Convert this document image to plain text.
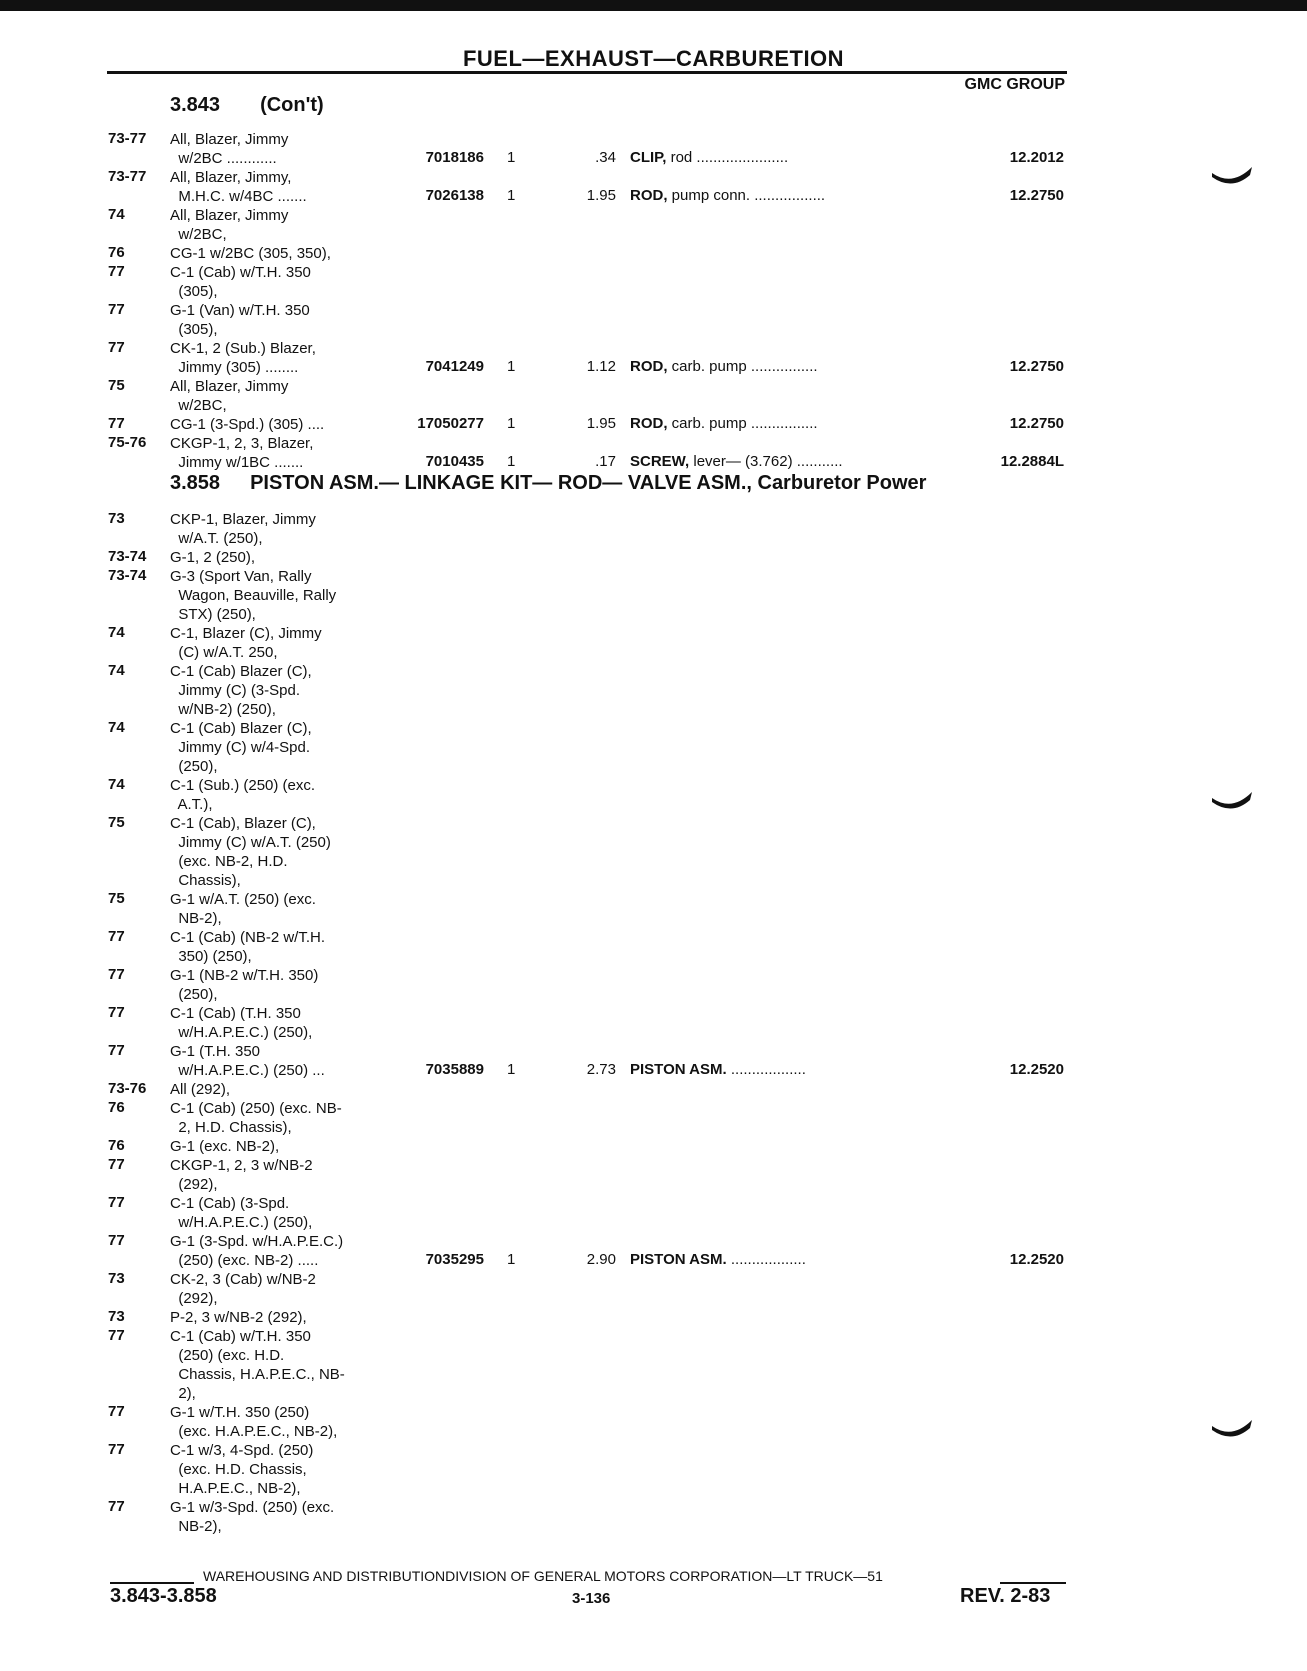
FUEL—EXHAUST—CARBURETION
GMC GROUP
3.843 (Con't)
3.858 PISTON ASM.— LINKAGE KIT— ROD— VALVE ASM., Carburetor Power
73-77 All, Blazer, Jimmy
w/2BC ............	7018186 1	.34 CLIP, rod ......................	12.2012
73-77 All, Blazer, Jimmy,
M.H.C. w/4BC .......	7026138 1	1.95 ROD, pump conn. .................	12.2750
74	All, Blazer, Jimmy
w/2BC,
76	CG-1 w/2BC (305, 350),
77	C-1 (Cab) w/T.H. 350
(305),
77	G-1 (Van) w/T.H. 350
(305),
77	CK-1, 2 (Sub.) Blazer,
Jimmy (305) ........	7041249 1	1.12 ROD, carb. pump ................	12.2750
75	All, Blazer, Jimmy
w/2BC,
77	CG-1 (3-Spd.) (305) ....	17050277 1	1.95 ROD, carb. pump ................	12.2750
75-76 CKGP-1, 2, 3, Blazer,
Jimmy w/1BC .......	7010435 1	.17 SCREW, lever— (3.762) ...........	12.2884L
73	CKP-1, Blazer, Jimmy
w/A.T. (250),
73-74 G-1, 2 (250),
73-74 G-3 (Sport Van, Rally
Wagon, Beauville, Rally
STX) (250),
74	C-1, Blazer (C), Jimmy
(C) w/A.T. 250,
74	C-1 (Cab) Blazer (C),
Jimmy (C) (3-Spd.
w/NB-2) (250),
74	C-1 (Cab) Blazer (C),
Jimmy (C) w/4-Spd.
(250),
74	C-1 (Sub.) (250) (exc.
A.T.),
75	C-1 (Cab), Blazer (C),
Jimmy (C) w/A.T. (250)
(exc. NB-2, H.D.
Chassis),
75	G-1 w/A.T. (250) (exc.
NB-2),
77	C-1 (Cab) (NB-2 w/T.H.
350) (250),
77	G-1 (NB-2 w/T.H. 350)
(250),
77	C-1 (Cab) (T.H. 350
w/H.A.P.E.C.) (250),
77	G-1 (T.H. 350
w/H.A.P.E.C.) (250) ...	7035889 1	2.73 PISTON ASM. ..................	12.2520
73-76 All (292),
76	C-1 (Cab) (250) (exc. NB-
2, H.D. Chassis),
76	G-1 (exc. NB-2),
77	CKGP-1, 2, 3 w/NB-2
(292),
77	C-1 (Cab) (3-Spd.
w/H.A.P.E.C.) (250),
77	G-1 (3-Spd. w/H.A.P.E.C.)
(250) (exc. NB-2) .....	7035295 1	2.90 PISTON ASM. ..................	12.2520
73	CK-2, 3 (Cab) w/NB-2
(292),
73	P-2, 3 w/NB-2 (292),
77	C-1 (Cab) w/T.H. 350
(250) (exc. H.D.
Chassis, H.A.P.E.C., NB-
2),
77	G-1 w/T.H. 350 (250)
(exc. H.A.P.E.C., NB-2),
77	C-1 w/3, 4-Spd. (250)
(exc. H.D. Chassis,
H.A.P.E.C., NB-2),
77	G-1 w/3-Spd. (250) (exc.
NB-2),
WAREHOUSING AND DISTRIBUTIONDIVISION OF GENERAL MOTORS CORPORATION—LT TRUCK—51
3.843-3.858	3-136	REV. 2-83
